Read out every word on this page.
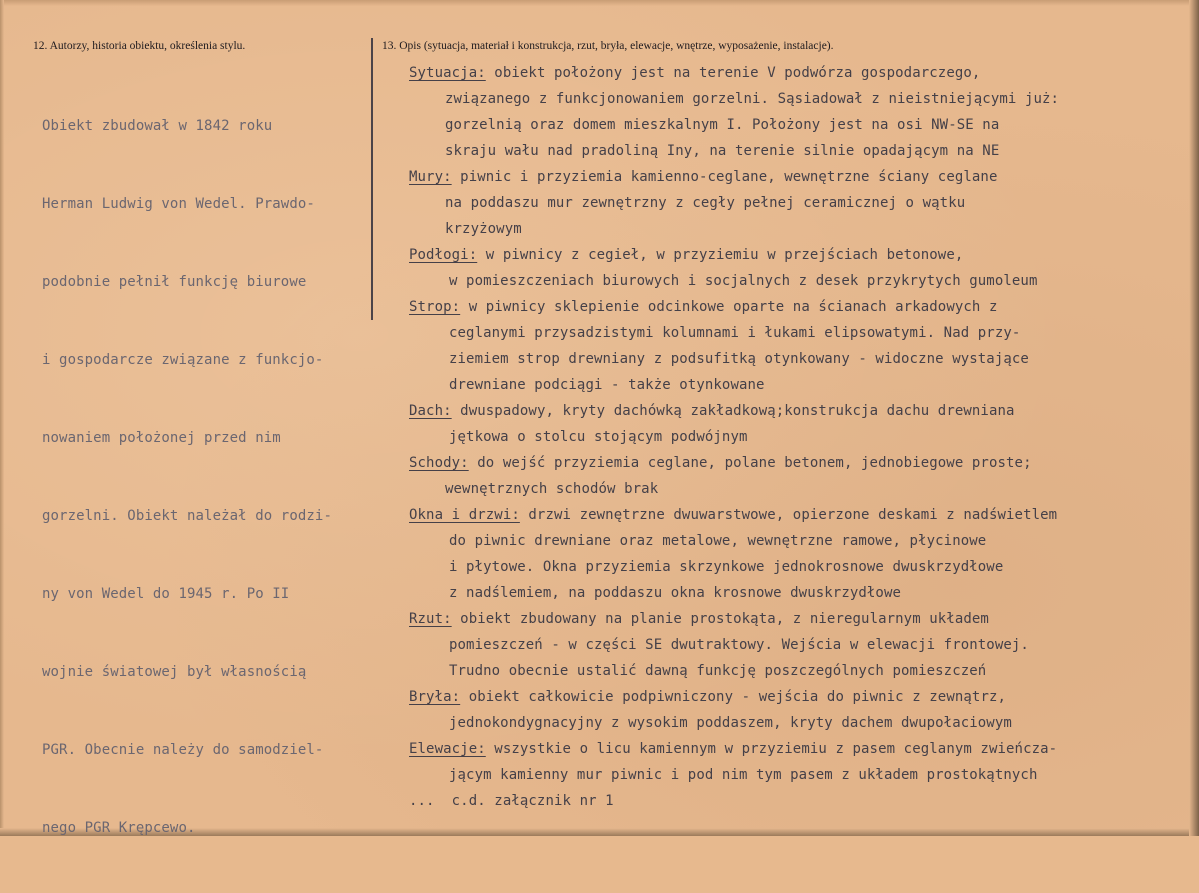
12. Autorzy, historia obiektu, określenia stylu.	13. Opis (sytuacja, materiał i konstrukcja, rzut, bryła, elewacje, wnętrze, wyposażenie, instalacje).

Obiekt zbudował w 1842 roku

Herman Ludwig von Wedel. Prawdo-

podobnie pełnił funkcję biurowe

i gospodarcze związane z funkcjo-

nowaniem położonej przed nim

gorzelni. Obiekt należał do rodzi-

ny von Wedel do 1945 r. Po II

wojnie światowej był własnością

PGR. Obecnie należy do samodziel-

nego PGR Krępcewo.

Sytuacja: obiekt położony jest na terenie V podwórza gospodarczego,
związanego z funkcjonowaniem gorzelni. Sąsiadował z nieistniejącymi już:
gorzelnią oraz domem mieszkalnym I. Położony jest na osi NW-SE na
skraju wału nad pradoliną Iny, na terenie silnie opadającym na NE
Mury: piwnic i przyziemia kamienno-ceglane, wewnętrzne ściany ceglane
na poddaszu mur zewnętrzny z cegły pełnej ceramicznej o wątku
krzyżowym
Podłogi: w piwnicy z cegieł, w przyziemiu w przejściach betonowe,
w pomieszczeniach biurowych i socjalnych z desek przykrytych gumoleum
Strop: w piwnicy sklepienie odcinkowe oparte na ścianach arkadowych z
ceglanymi przysadzistymi kolumnami i łukami elipsowatymi. Nad przy-
ziemiem strop drewniany z podsufitką otynkowany - widoczne wystające
drewniane podciągi - także otynkowane
Dach: dwuspadowy, kryty dachówką zakładkową;konstrukcja dachu drewniana
jętkowa o stolcu stojącym podwójnym
Schody: do wejść przyziemia ceglane, polane betonem, jednobiegowe proste;
wewnętrznych schodów brak
Okna i drzwi: drzwi zewnętrzne dwuwarstwowe, opierzone deskami z nadświetlem
do piwnic drewniane oraz metalowe, wewnętrzne ramowe, płycinowe
i płytowe. Okna przyziemia skrzynkowe jednokrosnowe dwuskrzydłowe
z nadślemiem, na poddaszu okna krosnowe dwuskrzydłowe
Rzut: obiekt zbudowany na planie prostokąta, z nieregularnym układem
pomieszczeń - w części SE dwutraktowy. Wejścia w elewacji frontowej.
Trudno obecnie ustalić dawną funkcję poszczególnych pomieszczeń
Bryła: obiekt całkowicie podpiwniczony - wejścia do piwnic z zewnątrz,
jednokondygnacyjny z wysokim poddaszem, kryty dachem dwupołaciowym
Elewacje: wszystkie o licu kamiennym w przyziemiu z pasem ceglanym zwieńcza-
jącym kamienny mur piwnic i pod nim tym pasem z układem prostokątnych
...  c.d. załącznik nr 1
